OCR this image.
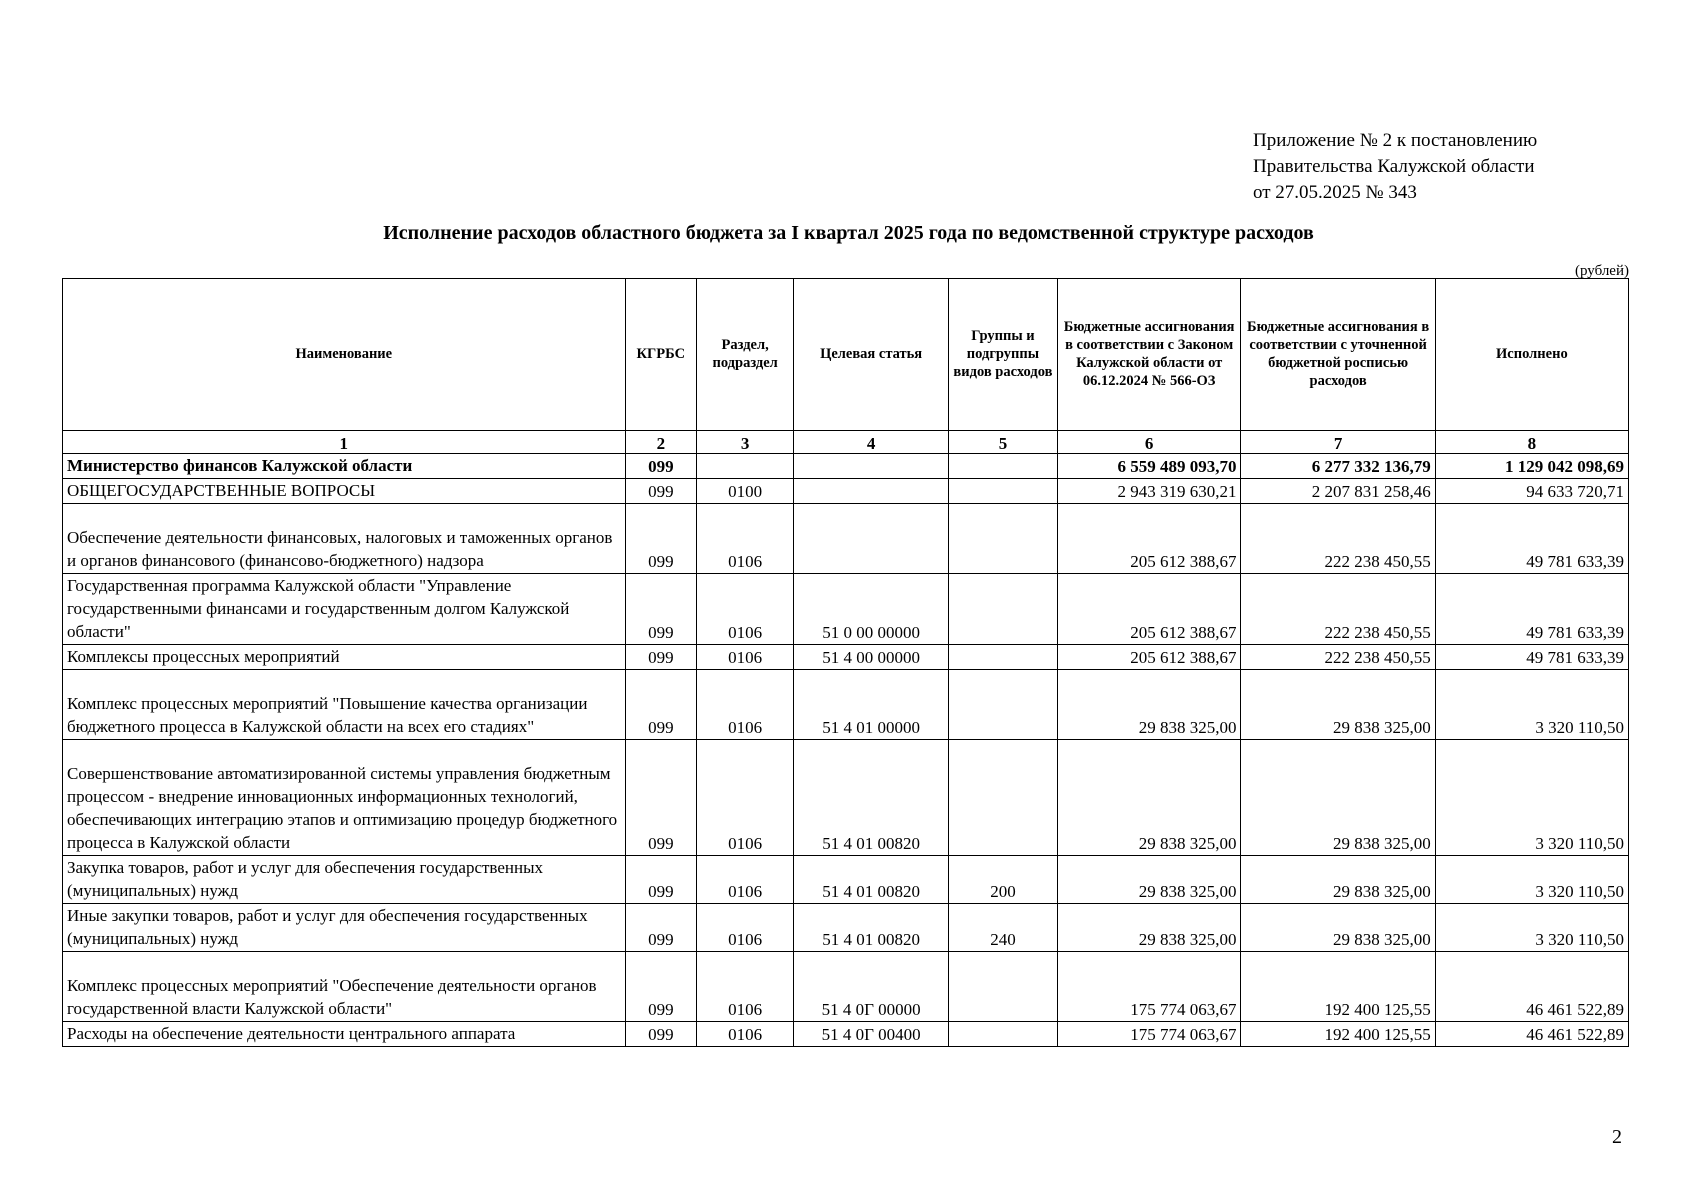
Приложение № 2 к постановлению
Правительства Калужской области
от 27.05.2025 № 343
Исполнение расходов областного бюджета за I квартал 2025 года по ведомственной структуре расходов
(рублей)
Наименование	КГРБС	Раздел, подраздел	Целевая статья	Группы и подгруппы видов расходов	Бюджетные ассигнования в соответствии с Законом Калужской области от 06.12.2024 № 566-ОЗ	Бюджетные ассигнования в соответствии с уточненной бюджетной росписью расходов	Исполнено
1	2	3	4	5	6	7	8
Министерство финансов Калужской области	099				6 559 489 093,70	6 277 332 136,79	1 129 042 098,69
ОБЩЕГОСУДАРСТВЕННЫЕ ВОПРОСЫ	099	0100			2 943 319 630,21	2 207 831 258,46	94 633 720,71
Обеспечение деятельности финансовых, налоговых и таможенных органов и органов финансового (финансово-бюджетного) надзора	099	0106			205 612 388,67	222 238 450,55	49 781 633,39
Государственная программа Калужской области "Управление государственными финансами и государственным долгом Калужской области"	099	0106	51 0 00 00000		205 612 388,67	222 238 450,55	49 781 633,39
Комплексы процессных мероприятий	099	0106	51 4 00 00000		205 612 388,67	222 238 450,55	49 781 633,39
Комплекс процессных мероприятий "Повышение качества организации бюджетного процесса в Калужской области на всех его стадиях"	099	0106	51 4 01 00000		29 838 325,00	29 838 325,00	3 320 110,50
Совершенствование автоматизированной системы управления бюджетным процессом - внедрение инновационных информационных технологий, обеспечивающих интеграцию этапов и оптимизацию процедур бюджетного процесса в Калужской области	099	0106	51 4 01 00820		29 838 325,00	29 838 325,00	3 320 110,50
Закупка товаров, работ и услуг для обеспечения государственных (муниципальных) нужд	099	0106	51 4 01 00820	200	29 838 325,00	29 838 325,00	3 320 110,50
Иные закупки товаров, работ и услуг для обеспечения государственных (муниципальных) нужд	099	0106	51 4 01 00820	240	29 838 325,00	29 838 325,00	3 320 110,50
Комплекс процессных мероприятий "Обеспечение деятельности органов государственной власти Калужской области"	099	0106	51 4 0Г 00000		175 774 063,67	192 400 125,55	46 461 522,89
Расходы на обеспечение деятельности центрального аппарата	099	0106	51 4 0Г 00400		175 774 063,67	192 400 125,55	46 461 522,89
2
